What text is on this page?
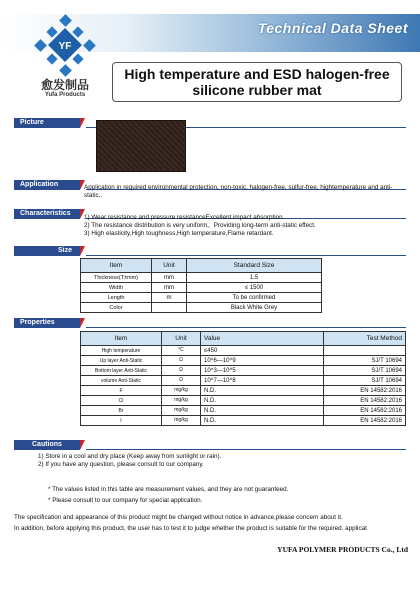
Technical Data Sheet
YF
愈发制品
Yufa Products
High temperature and ESD halogen-free
silicone rubber mat
Picture
Application	Application in required environmental protection, non-toxic, halogen-free, sulfur-free, hightemperature and anti-static..
Characteristics
1) Wear resistance and pressure resistanceExcellent impact absorption.
2) The resistance distribution is very uniform。Providing long-term anti-static effect.
3) High elasticity,High toughness,High temperature,Flame retardant.
Size
Item	Unit	Standard Size
Thickness(T±mm)	mm	1.5
Width	mm	≤ 1500
Length	m	To be confirmed
Color		Black White Grey
Properties
Item	Unit	Value	Test Method
High temperature	°C	≤450	
Up layer Anti-Static	Ω	10^6—10^9	SJ/T 10694
Bottom layer Anti-Static	Ω	10^3—10^5	SJ/T 10694
volume Anti-Static	Ω	10^7—10^8	SJ/T 10694
F	mg/kg	N.D.	EN 14582:2016
Cl	mg/kg	N.D.	EN 14582:2016
Br	mg/kg	N.D.	EN 14582:2016
I	mg/kg	N.D.	EN 14582:2016
Cautions
1) Store in a cool and dry place (Keep away from sunlight or rain).
2) If you have any question, please consult to our company.
* The values listed in this table are measurement values, and they are not guaranteed.
* Please consult to our company for special application.
The specification and appearance of this product might be changed without notice in advance,please concern about it.
In addition, before applying this product, the user has to test it to judge whether the product is suitable for the required. applicat
YUFA POLYMER PRODUCTS Co., Ltd
